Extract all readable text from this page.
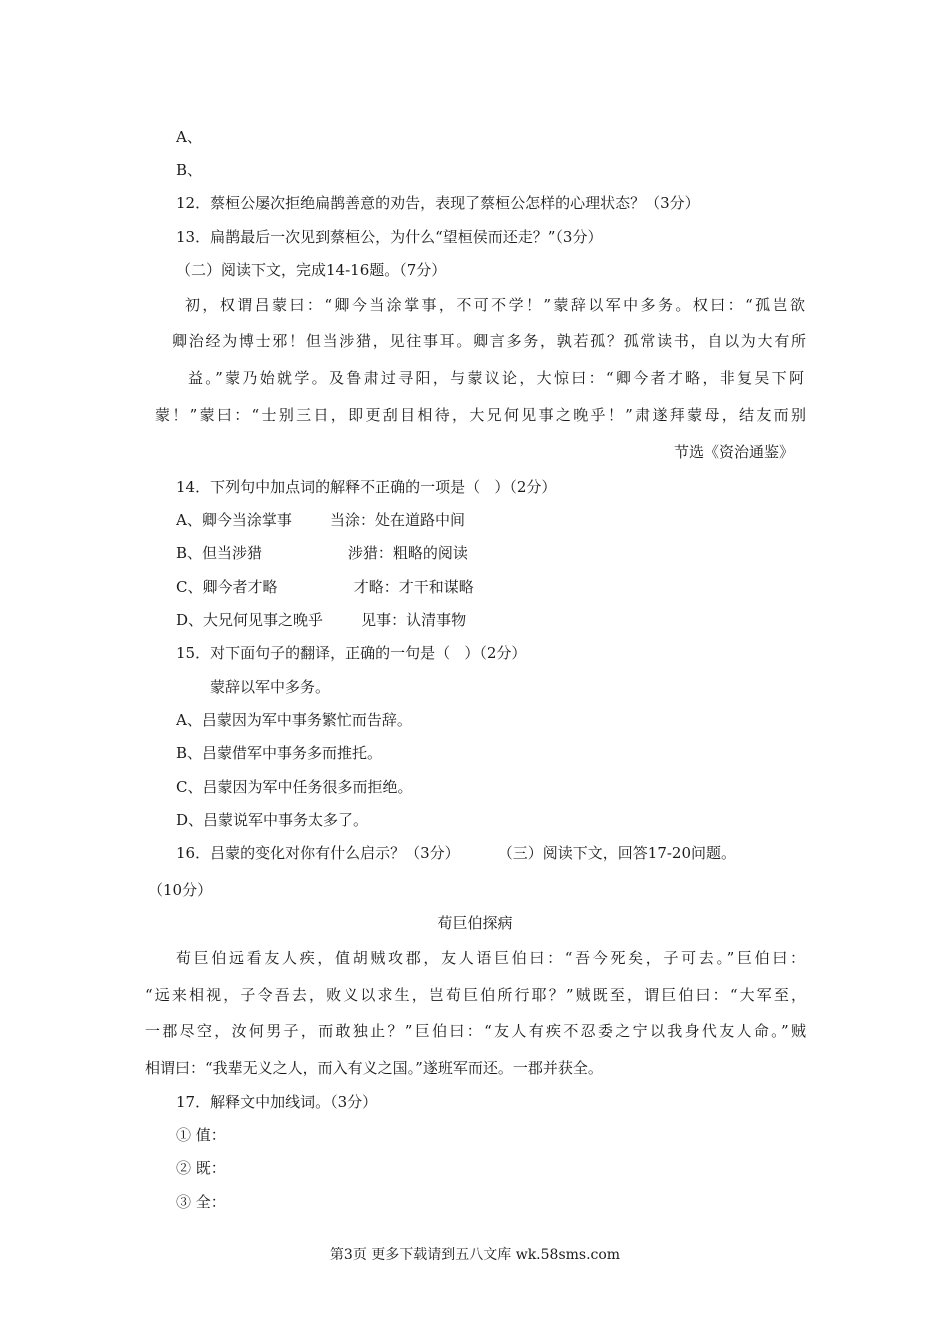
A、
B、
12．蔡桓公屡次拒绝扁鹊善意的劝告，表现了蔡桓公怎样的心理状态？（3分）
13．扁鹊最后一次见到蔡桓公，为什么“望桓侯而还走？”（3分）
（二）阅读下文，完成14-16题。（7分）
初，权谓吕蒙曰：“卿今当涂掌事，不可不学！”蒙辞以军中多务。权曰：“孤岂欲
卿治经为博士邪！但当涉猎，见往事耳。卿言多务，孰若孤？孤常读书，自以为大有所
益。”蒙乃始就学。及鲁肃过寻阳，与蒙议论，大惊曰：“卿今者才略，非复吴下阿
蒙！”蒙曰：“士别三日，即更刮目相待，大兄何见事之晚乎！”肃遂拜蒙母，结友而别
节选《资治通鉴》
14．下列句中加点词的解释不正确的一项是（   ）（2分）
A、卿今当涂掌事        当涂：处在道路中间
B、但当涉猎                  涉猎：粗略的阅读
C、卿今者才略                才略：才干和谋略
D、大兄何见事之晚乎        见事：认清事物
15．对下面句子的翻译，正确的一句是（   ）（2分）
蒙辞以军中多务。
A、吕蒙因为军中事务繁忙而告辞。
B、吕蒙借军中事务多而推托。
C、吕蒙因为军中任务很多而拒绝。
D、吕蒙说军中事务太多了。
16．吕蒙的变化对你有什么启示？（3分）        （三）阅读下文，回答17-20问题。
（10分）
荀巨伯探病
荀巨伯远看友人疾，值胡贼攻郡，友人语巨伯曰：“吾今死矣，子可去。”巨伯曰：
“远来相视，子令吾去，败义以求生，岂荀巨伯所行耶？”贼既至，谓巨伯曰：“大军至，
一郡尽空，汝何男子，而敢独止？”巨伯曰：“友人有疾不忍委之宁以我身代友人命。”贼
相谓曰：“我辈无义之人，而入有义之国。”遂班军而还。一郡并获全。
17．解释文中加线词。（3分）
① 值：
② 既：
③ 全：
第3页 更多下载请到五八文库 wk.58sms.com
